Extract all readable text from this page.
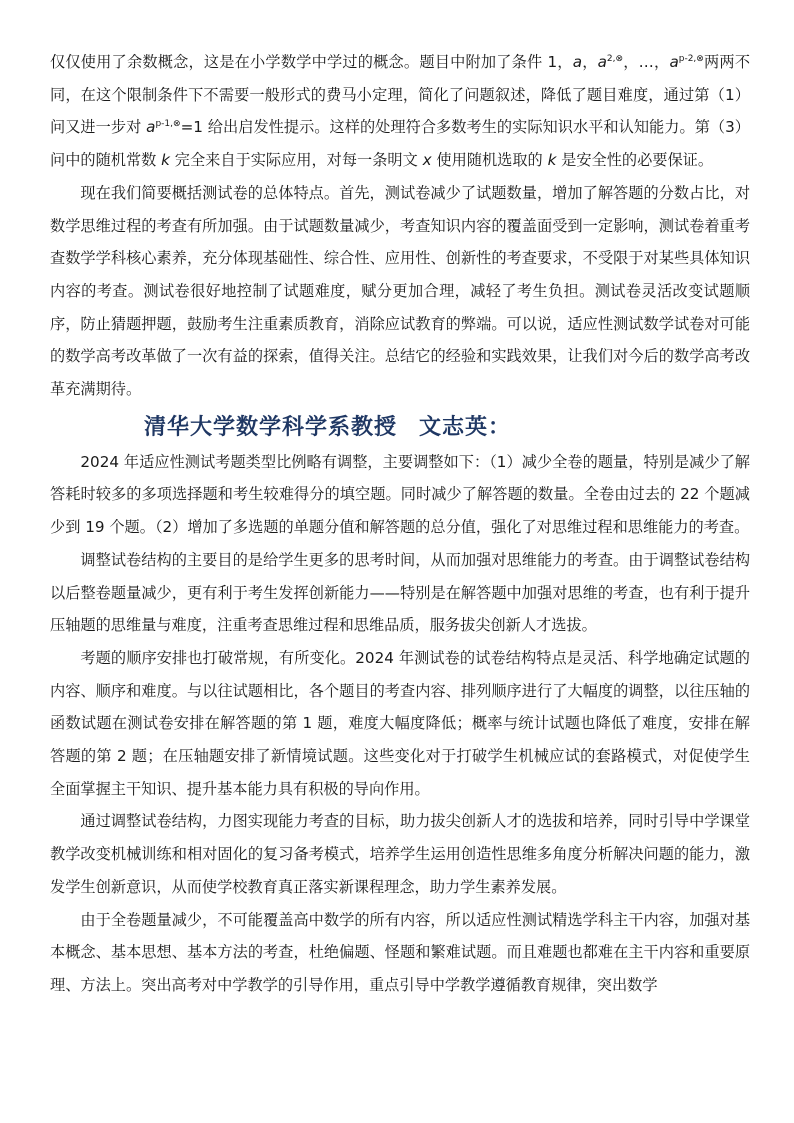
仅仅使用了余数概念，这是在小学数学中学过的概念。题目中附加了条件 1，a，$a^{2,\otimes}$，…，$a^{p-2,\otimes}$两两不同，在这个限制条件下不需要一般形式的费马小定理，简化了问题叙述，降低了题目难度，通过第（1）问又进一步对 $a^{p-1,\otimes}=1$ 给出启发性提示。这样的处理符合多数考生的实际知识水平和认知能力。第（3）问中的随机常数 k 完全来自于实际应用，对每一条明文 x 使用随机选取的 k 是安全性的必要保证。

现在我们简要概括测试卷的总体特点。首先，测试卷减少了试题数量，增加了解答题的分数占比，对数学思维过程的考查有所加强。由于试题数量减少，考查知识内容的覆盖面受到一定影响，测试卷着重考查数学学科核心素养，充分体现基础性、综合性、应用性、创新性的考查要求，不受限于对某些具体知识内容的考查。测试卷很好地控制了试题难度，赋分更加合理，减轻了考生负担。测试卷灵活改变试题顺序，防止猜题押题，鼓励考生注重素质教育，消除应试教育的弊端。可以说，适应性测试数学试卷对可能的数学高考改革做了一次有益的探索，值得关注。总结它的经验和实践效果，让我们对今后的数学高考改革充满期待。

清华大学数学科学系教授 文志英：

2024 年适应性测试考题类型比例略有调整，主要调整如下：（1）减少全卷的题量，特别是减少了解答耗时较多的多项选择题和考生较难得分的填空题。同时减少了解答题的数量。全卷由过去的 22 个题减少到 19 个题。（2）增加了多选题的单题分值和解答题的总分值，强化了对思维过程和思维能力的考查。

调整试卷结构的主要目的是给学生更多的思考时间，从而加强对思维能力的考查。由于调整试卷结构以后整卷题量减少，更有利于考生发挥创新能力——特别是在解答题中加强对思维的考查，也有利于提升压轴题的思维量与难度，注重考查思维过程和思维品质，服务拔尖创新人才选拔。

考题的顺序安排也打破常规，有所变化。2024 年测试卷的试卷结构特点是灵活、科学地确定试题的内容、顺序和难度。与以往试题相比，各个题目的考查内容、排列顺序进行了大幅度的调整，以往压轴的函数试题在测试卷安排在解答题的第 1 题，难度大幅度降低；概率与统计试题也降低了难度，安排在解答题的第 2 题；在压轴题安排了新情境试题。这些变化对于打破学生机械应试的套路模式，对促使学生全面掌握主干知识、提升基本能力具有积极的导向作用。

通过调整试卷结构，力图实现能力考查的目标，助力拔尖创新人才的选拔和培养，同时引导中学课堂教学改变机械训练和相对固化的复习备考模式，培养学生运用创造性思维多角度分析解决问题的能力，激发学生创新意识，从而使学校教育真正落实新课程理念，助力学生素养发展。

由于全卷题量减少，不可能覆盖高中数学的所有内容，所以适应性测试精选学科主干内容，加强对基本概念、基本思想、基本方法的考查，杜绝偏题、怪题和繁难试题。而且难题也都难在主干内容和重要原理、方法上。突出高考对中学教学的引导作用，重点引导中学教学遵循教育规律，突出数学
